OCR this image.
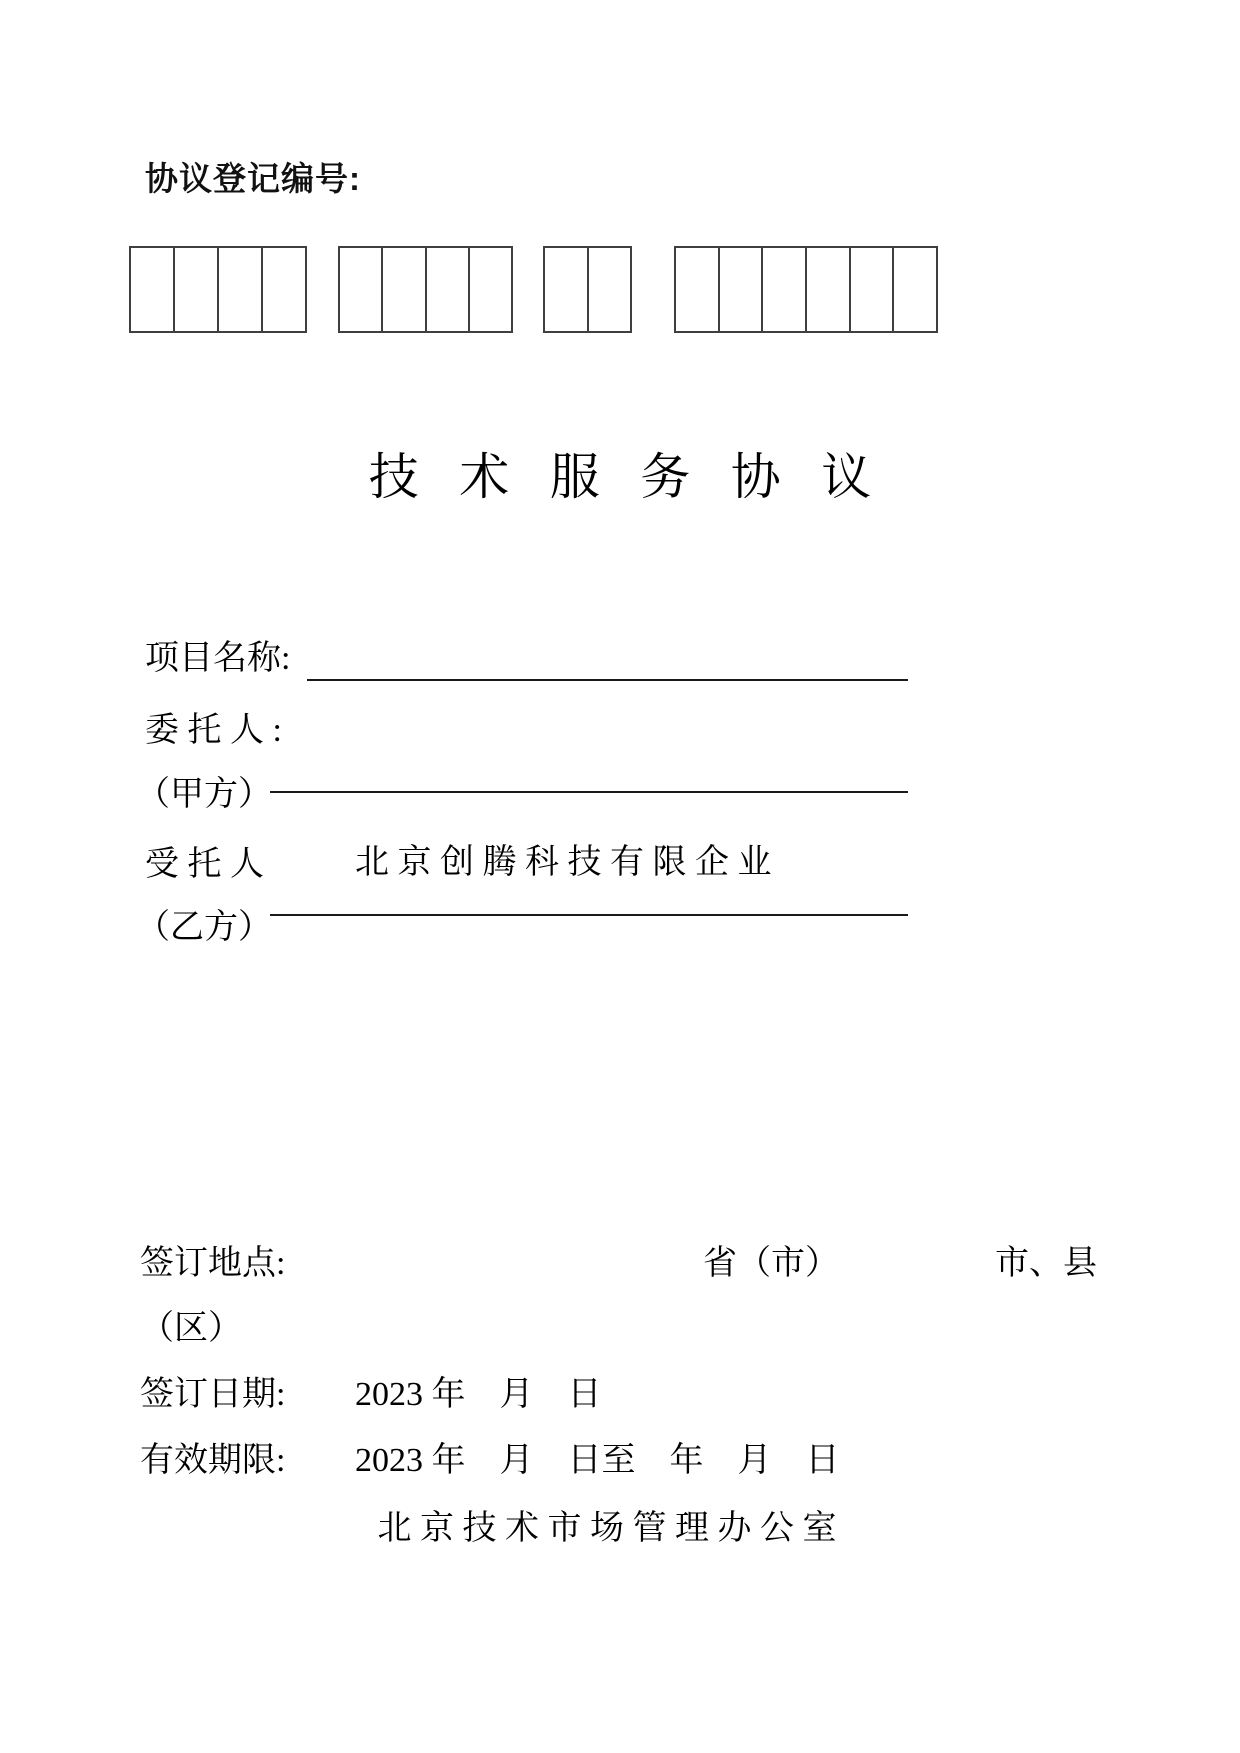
协议登记编号:
技 术 服 务 协 议
项目名称:
委 托 人 :
（甲方）
受 托 人	北 京 创 腾 科 技 有 限 企 业
（乙方）
签订地点:	省（市）	市、县
（区）
签订日期: 2023 年    月    日
有效期限: 2023 年    月    日至    年    月    日
北 京 技 术 市 场 管 理 办 公 室
